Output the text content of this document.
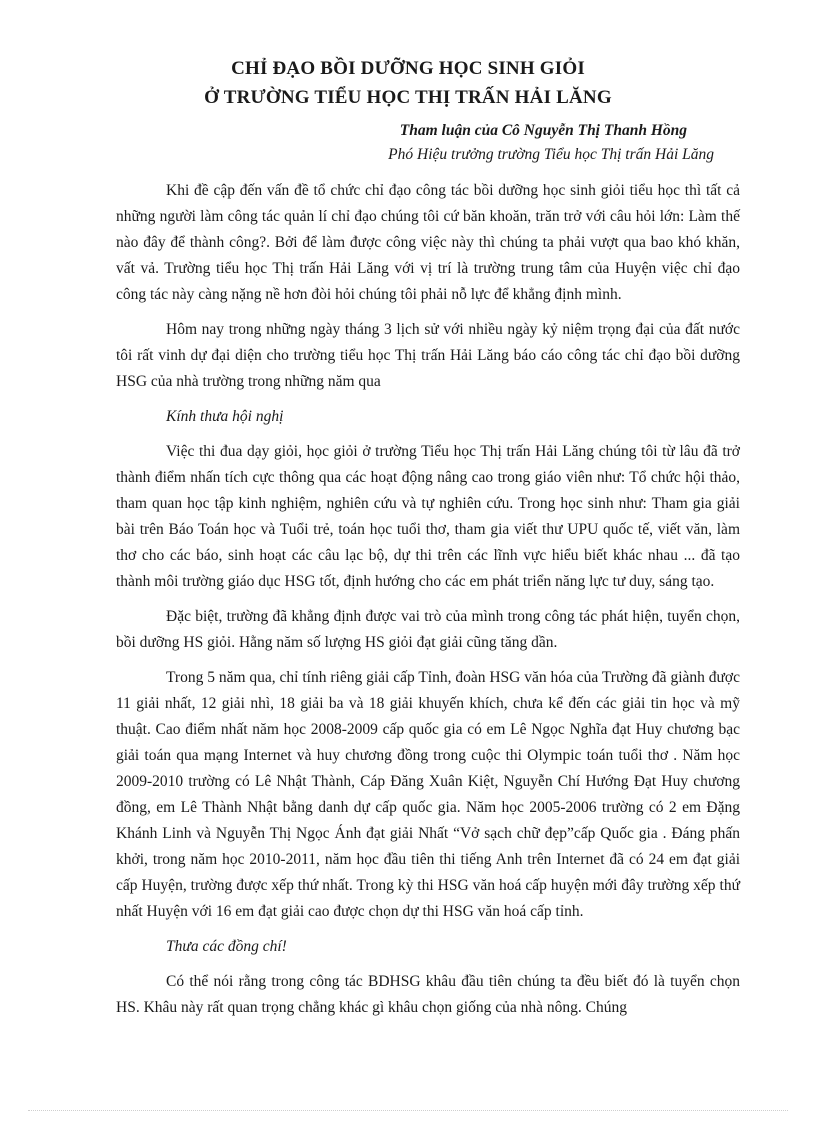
CHỈ ĐẠO BỒI DƯỠNG HỌC SINH GIỎI
Ở TRƯỜNG TIỂU HỌC THỊ TRẤN HẢI LĂNG

Tham luận của Cô Nguyễn Thị Thanh Hồng

Phó Hiệu trưởng trường Tiểu học Thị trấn Hải Lăng

Khi đề cập đến vấn đề tổ chức chỉ đạo công tác bồi dưỡng học sinh giỏi tiểu học thì tất cả những người làm công tác quản lí chỉ đạo chúng tôi cứ băn khoăn, trăn trở với câu hỏi lớn: Làm thế nào đây để thành công?. Bởi để làm được công việc này thì chúng ta phải vượt qua bao khó khăn, vất vả. Trường tiểu học Thị trấn Hải Lăng với vị trí là trường trung tâm của Huyện việc chỉ đạo công tác này càng nặng nề hơn đòi hỏi chúng tôi phải nỗ lực để khẳng định mình.

Hôm nay trong những ngày tháng 3 lịch sử với nhiều ngày kỷ niệm trọng đại của đất nước tôi rất vinh dự đại diện cho trường tiểu học Thị trấn Hải Lăng báo cáo công tác chỉ đạo bồi dưỡng HSG của nhà trường trong những năm qua

Kính thưa hội nghị

Việc thi đua dạy giỏi, học giỏi ở trường Tiểu học Thị trấn Hải Lăng chúng tôi từ lâu đã trở thành điểm nhấn tích cực thông qua các hoạt động nâng cao trong giáo viên như: Tổ chức hội thảo, tham quan học tập kinh nghiệm, nghiên cứu và tự nghiên cứu. Trong học sinh như: Tham gia giải bài trên Báo Toán học và Tuổi trẻ, toán học tuổi thơ, tham gia viết thư UPU quốc tế, viết văn, làm thơ cho các báo, sinh hoạt các câu lạc bộ, dự thi trên các lĩnh vực hiểu biết khác nhau ... đã tạo thành môi trường giáo dục HSG tốt, định hướng cho các em phát triển năng lực tư duy, sáng tạo.

Đặc biệt, trường đã khẳng định được vai trò của mình trong công tác phát hiện, tuyển chọn, bồi dưỡng HS giỏi. Hằng năm số lượng HS giỏi đạt giải cũng tăng dần.

Trong 5 năm qua, chỉ tính riêng giải cấp Tỉnh, đoàn HSG văn hóa của Trường đã giành được 11 giải nhất, 12 giải nhì, 18 giải ba và 18 giải khuyến khích, chưa kể đến các giải tin học và mỹ thuật. Cao điểm nhất năm học 2008-2009 cấp quốc gia có em Lê Ngọc Nghĩa đạt Huy chương bạc giải toán qua mạng Internet và huy chương đồng trong cuộc thi Olympic toán tuổi thơ . Năm học 2009-2010 trường có Lê Nhật Thành, Cáp Đăng Xuân Kiệt, Nguyễn Chí Hướng Đạt Huy chương đồng, em Lê Thành Nhật bằng danh dự cấp quốc gia. Năm học 2005-2006 trường có 2 em Đặng Khánh Linh và Nguyễn Thị Ngọc Ánh đạt giải Nhất “Vở sạch chữ đẹp”cấp Quốc gia . Đáng phấn khởi, trong năm học 2010-2011, năm học đầu tiên thi tiếng Anh trên Internet đã có 24 em đạt giải cấp Huyện, trường được xếp thứ nhất. Trong kỳ thi HSG văn hoá cấp huyện mới đây trường xếp thứ nhất Huyện với 16 em đạt giải cao được chọn dự thi HSG văn hoá cấp tỉnh.

Thưa các đồng chí!

Có thể nói rằng trong công tác BDHSG khâu đầu tiên chúng ta đều biết đó là tuyển chọn HS. Khâu này rất quan trọng chẳng khác gì khâu chọn giống của nhà nông. Chúng
